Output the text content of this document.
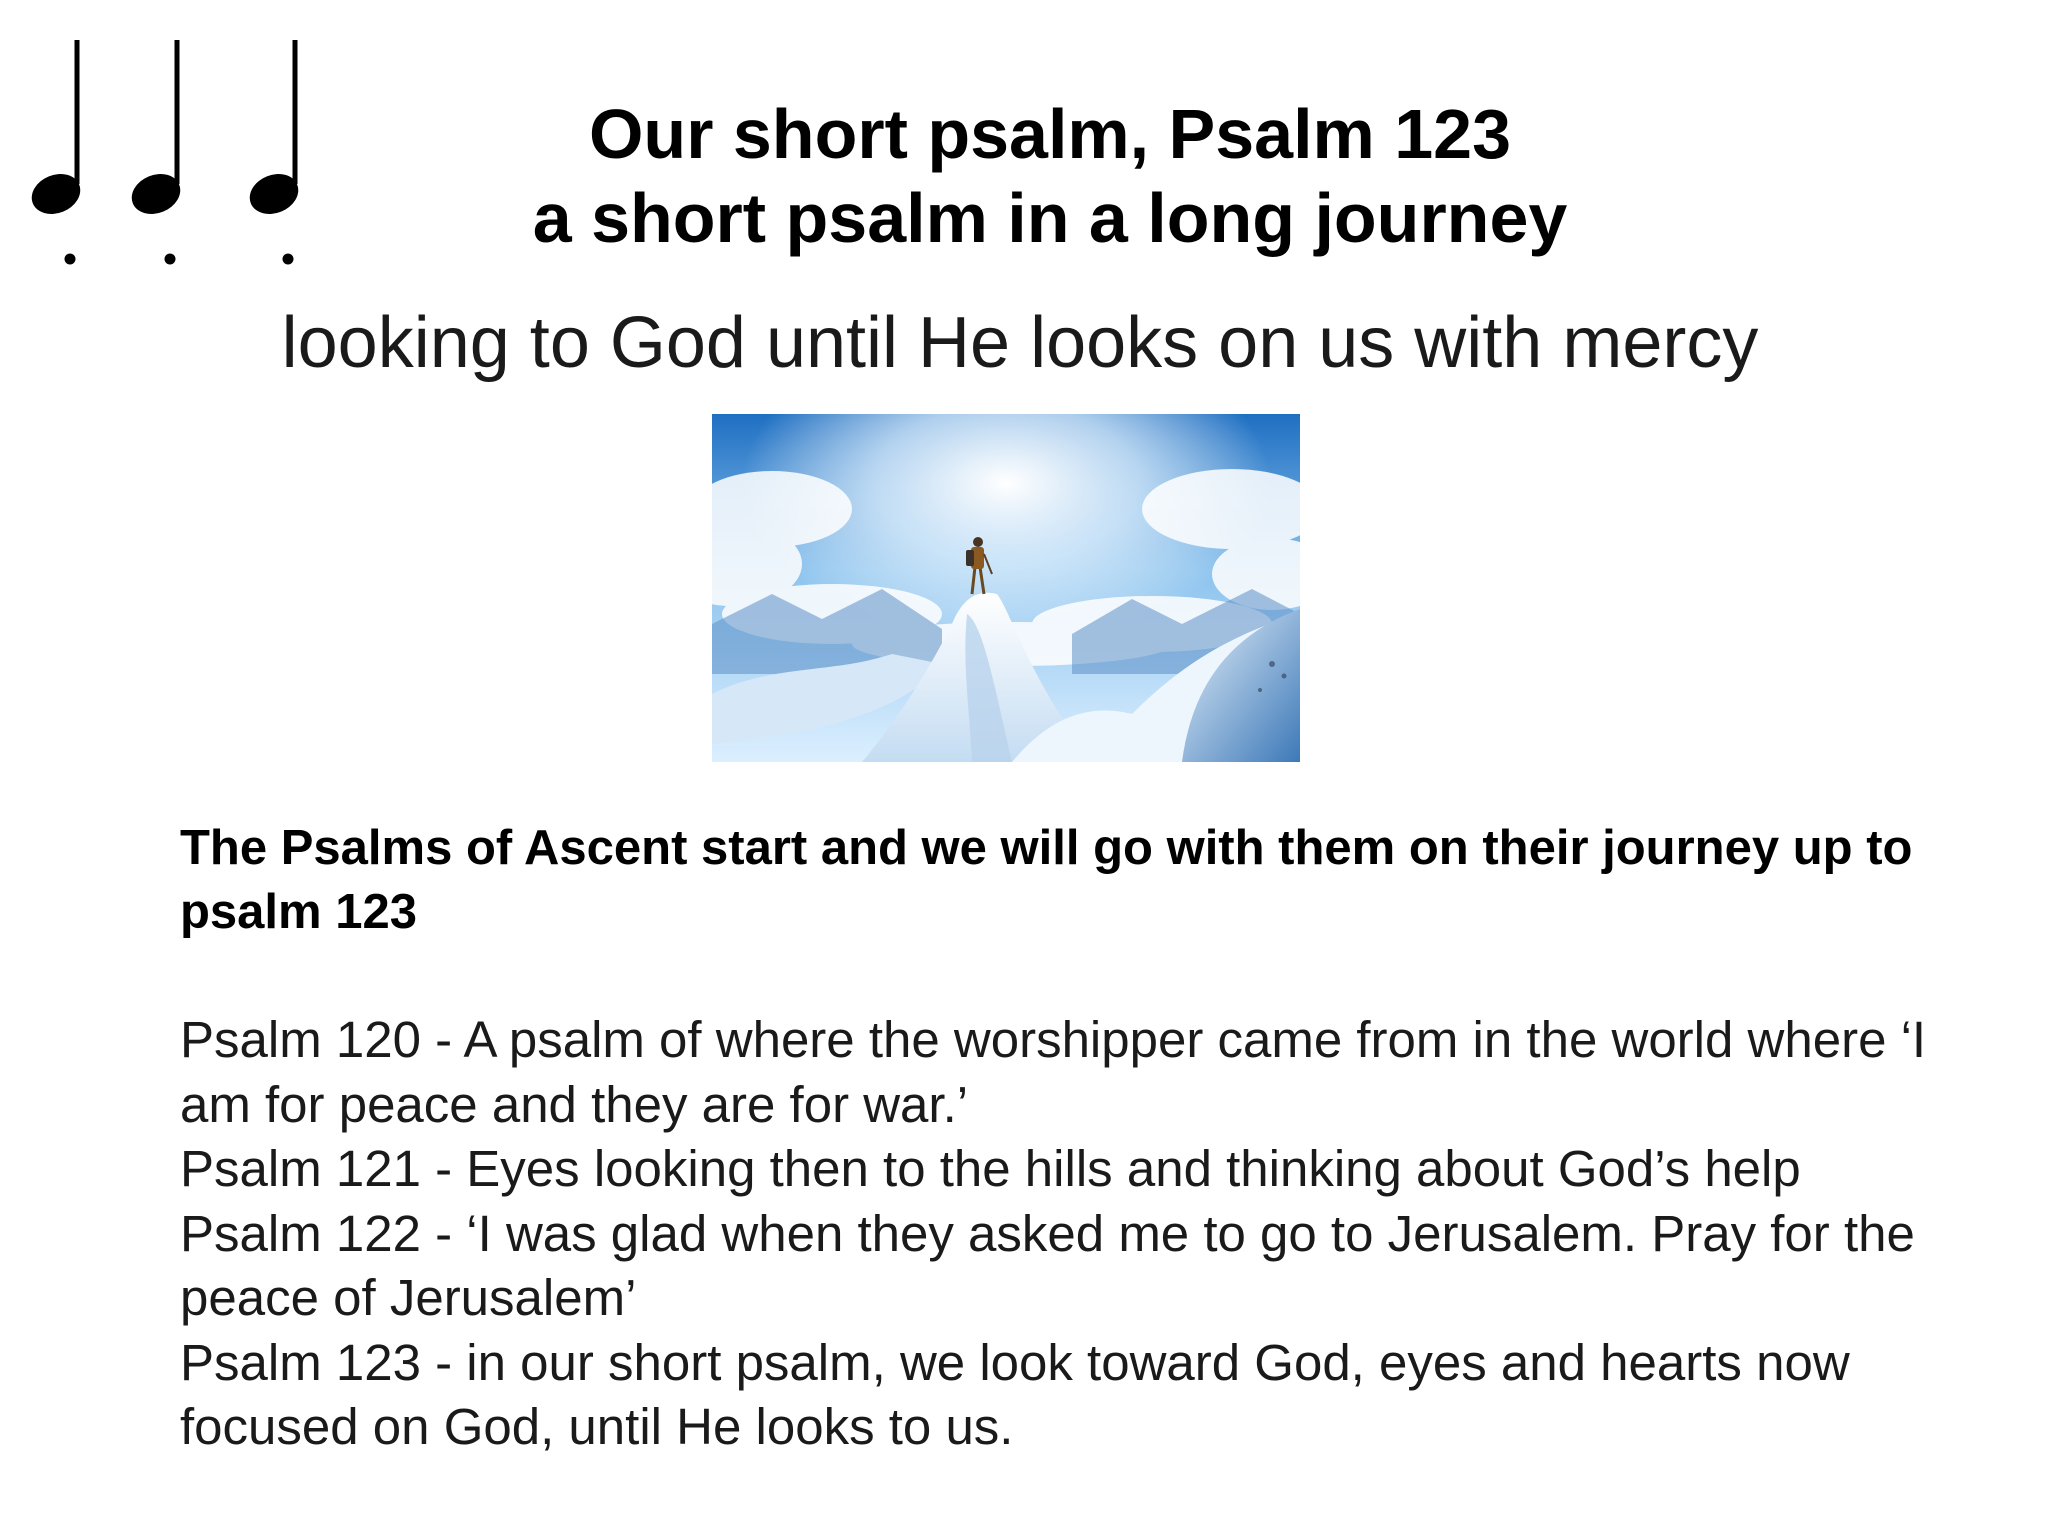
Our short psalm, Psalm 123
a short psalm in a long journey
looking to God until He looks on us with mercy
The Psalms of Ascent start and we will go with them on their journey up to psalm 123

Psalm 120 - A psalm of where the worshipper came from in the world where ‘I am for peace and they are for war.’

Psalm 121 - Eyes looking then to the hills and thinking about God’s help

Psalm 122 - ‘I was glad when they asked me to go to Jerusalem. Pray for the peace of Jerusalem’

Psalm 123 - in our short psalm, we look toward God, eyes and hearts now focused on God, until He looks to us.
